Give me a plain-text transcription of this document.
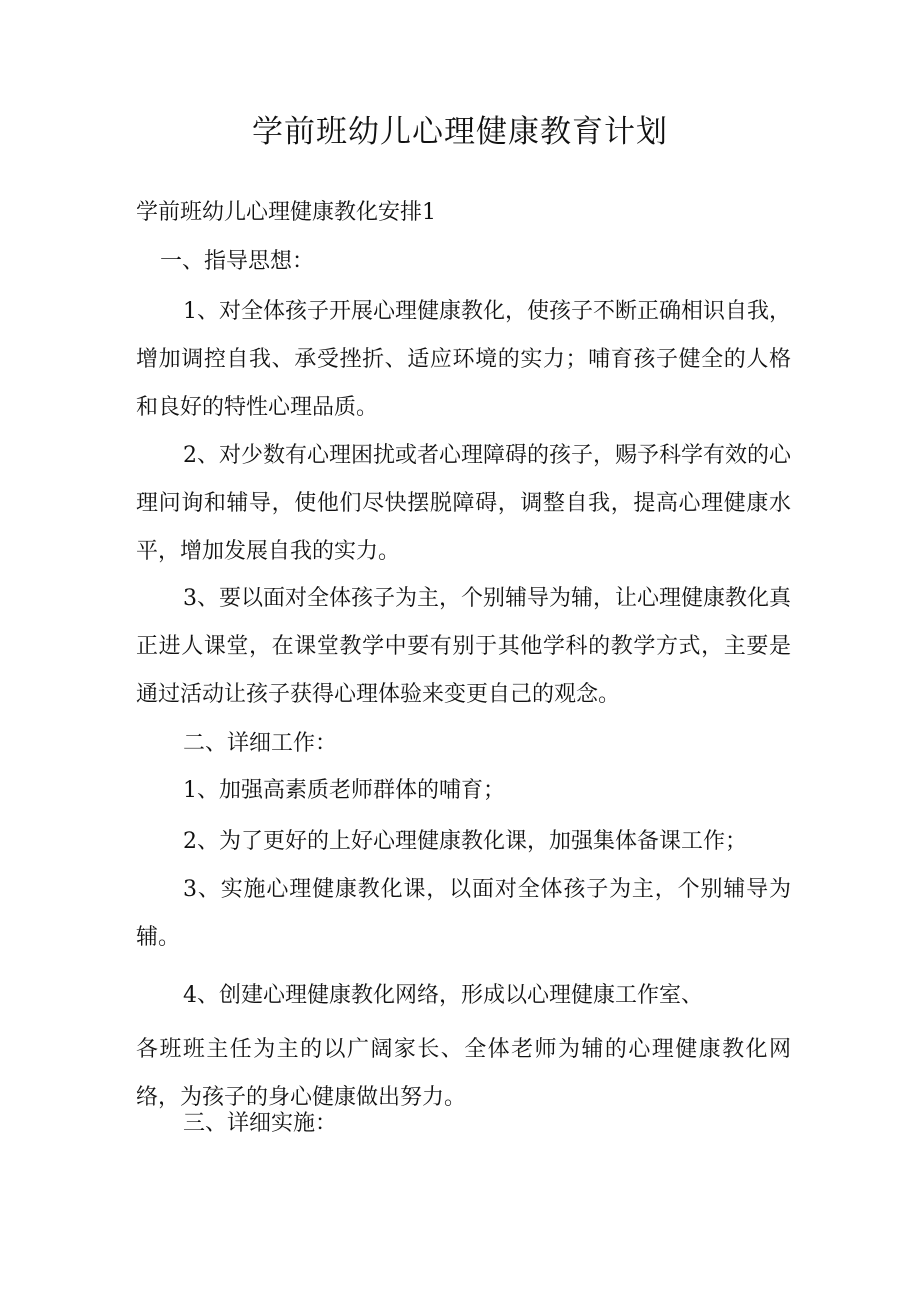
学前班幼儿心理健康教育计划
学前班幼儿心理健康教化安排1
一、指导思想：
1、对全体孩子开展心理健康教化，使孩子不断正确相识自我，增加调控自我、承受挫折、适应环境的实力；哺育孩子健全的人格和良好的特性心理品质。
2、对少数有心理困扰或者心理障碍的孩子，赐予科学有效的心理问询和辅导，使他们尽快摆脱障碍，调整自我，提高心理健康水平，增加发展自我的实力。
3、要以面对全体孩子为主，个别辅导为辅，让心理健康教化真正进人课堂，在课堂教学中要有别于其他学科的教学方式，主要是通过活动让孩子获得心理体验来变更自己的观念。
二、详细工作：
1、加强高素质老师群体的哺育；
2、为了更好的上好心理健康教化课，加强集体备课工作；
3、实施心理健康教化课，以面对全体孩子为主，个别辅导为辅。
4、创建心理健康教化网络，形成以心理健康工作室、
各班班主任为主的以广阔家长、全体老师为辅的心理健康教化网络，为孩子的身心健康做出努力。
三、详细实施：
